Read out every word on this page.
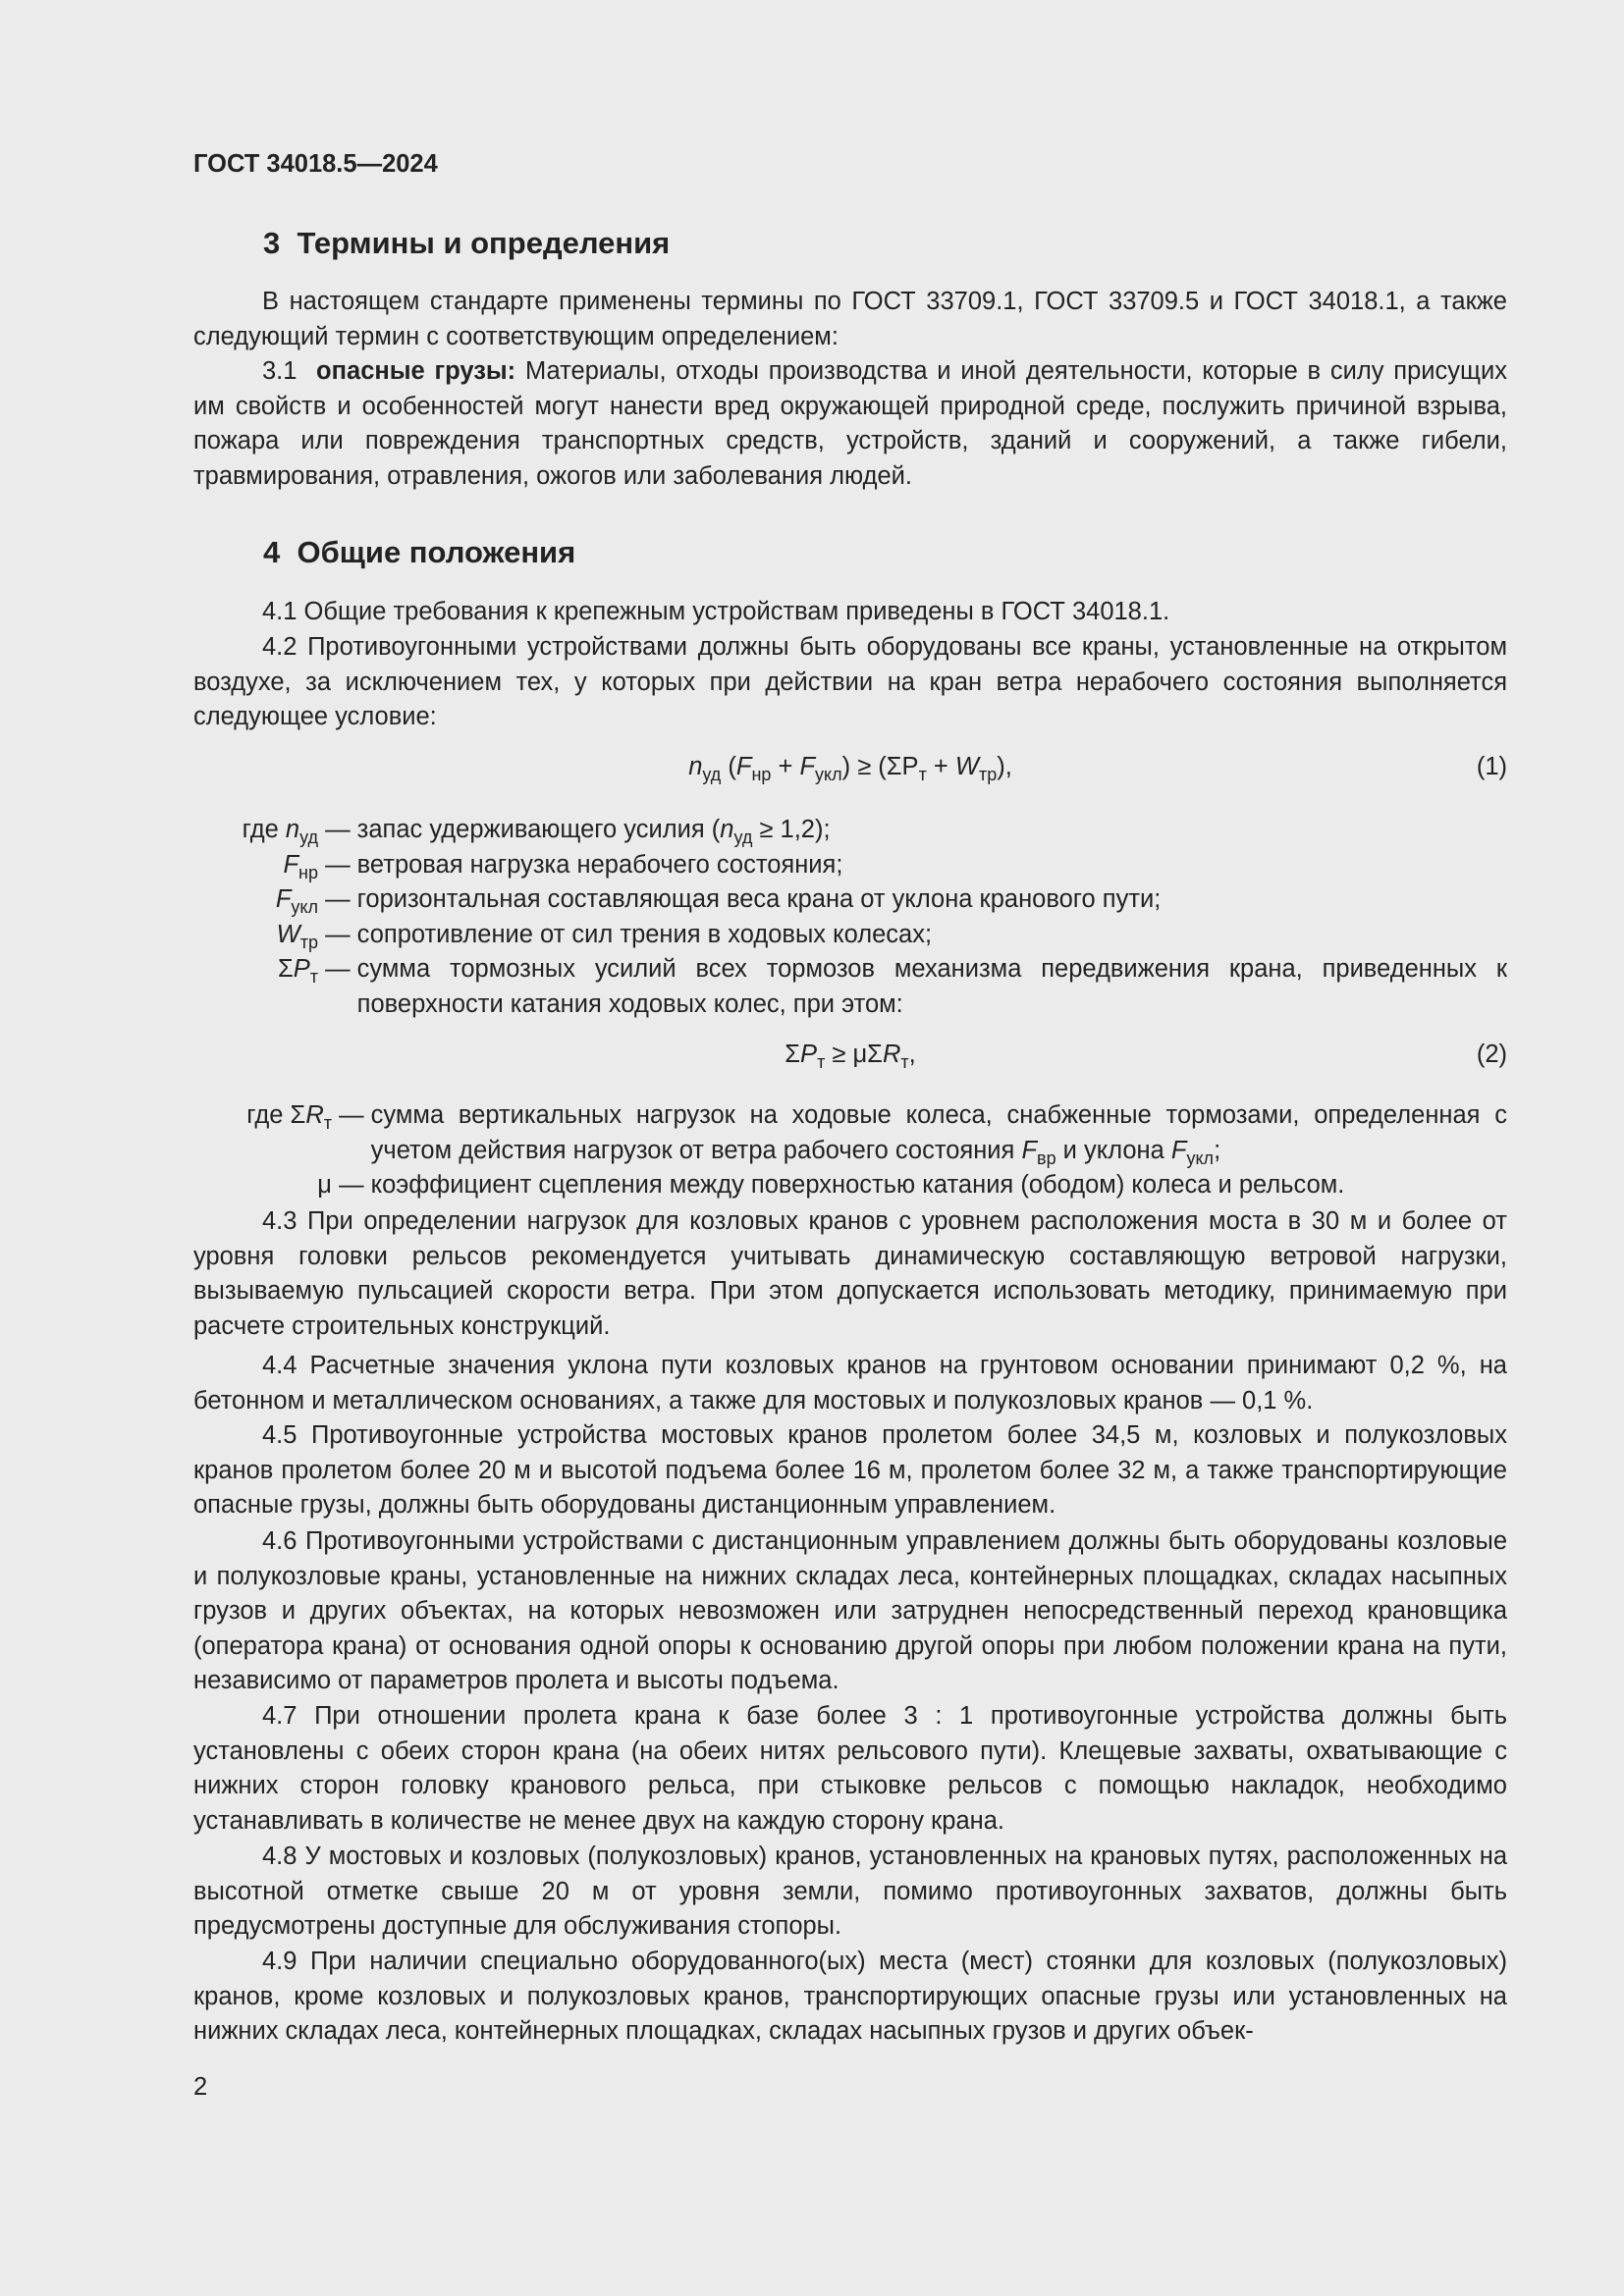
ГОСТ 34018.5—2024
3 Термины и определения
В настоящем стандарте применены термины по ГОСТ 33709.1, ГОСТ 33709.5 и ГОСТ 34018.1, а также следующий термин с соответствующим определением:
3.1 опасные грузы: Материалы, отходы производства и иной деятельности, которые в силу присущих им свойств и особенностей могут нанести вред окружающей природной среде, послужить причиной взрыва, пожара или повреждения транспортных средств, устройств, зданий и сооружений, а также гибели, травмирования, отравления, ожогов или заболевания людей.
4 Общие положения
4.1 Общие требования к крепежным устройствам приведены в ГОСТ 34018.1.
4.2 Противоугонными устройствами должны быть оборудованы все краны, установленные на открытом воздухе, за исключением тех, у которых при действии на кран ветра нерабочего состояния выполняется следующее условие:
$n_{уд}$ $(F_{нр} + F_{укл}) \ge (\Sigma P_т + W_{тр})$,	(1)
где $n_{уд}$ — запас удерживающего усилия $(n_{уд} \ge 1,2)$;
$F_{нр}$ — ветровая нагрузка нерабочего состояния;
$F_{укл}$ — горизонтальная составляющая веса крана от уклона кранового пути;
$W_{тр}$ — сопротивление от сил трения в ходовых колесах;
$\Sigma P_т$ — сумма тормозных усилий всех тормозов механизма передвижения крана, приведенных к поверхности катания ходовых колес, при этом:
$\Sigma P_т \ge \mu\Sigma R_т$,	(2)
где $\Sigma R_т$ — сумма вертикальных нагрузок на ходовые колеса, снабженные тормозами, определенная с учетом действия нагрузок от ветра рабочего состояния $F_{вр}$ и уклона $F_{укл}$;
μ — коэффициент сцепления между поверхностью катания (ободом) колеса и рельсом.
4.3 При определении нагрузок для козловых кранов с уровнем расположения моста в 30 м и более от уровня головки рельсов рекомендуется учитывать динамическую составляющую ветровой нагрузки, вызываемую пульсацией скорости ветра. При этом допускается использовать методику, принимаемую при расчете строительных конструкций.
4.4 Расчетные значения уклона пути козловых кранов на грунтовом основании принимают 0,2 %, на бетонном и металлическом основаниях, а также для мостовых и полукозловых кранов — 0,1 %.
4.5 Противоугонные устройства мостовых кранов пролетом более 34,5 м, козловых и полукозловых кранов пролетом более 20 м и высотой подъема более 16 м, пролетом более 32 м, а также транспортирующие опасные грузы, должны быть оборудованы дистанционным управлением.
4.6 Противоугонными устройствами с дистанционным управлением должны быть оборудованы козловые и полукозловые краны, установленные на нижних складах леса, контейнерных площадках, складах насыпных грузов и других объектах, на которых невозможен или затруднен непосредственный переход крановщика (оператора крана) от основания одной опоры к основанию другой опоры при любом положении крана на пути, независимо от параметров пролета и высоты подъема.
4.7 При отношении пролета крана к базе более 3 : 1 противоугонные устройства должны быть установлены с обеих сторон крана (на обеих нитях рельсового пути). Клещевые захваты, охватывающие с нижних сторон головку кранового рельса, при стыковке рельсов с помощью накладок, необходимо устанавливать в количестве не менее двух на каждую сторону крана.
4.8 У мостовых и козловых (полукозловых) кранов, установленных на крановых путях, расположенных на высотной отметке свыше 20 м от уровня земли, помимо противоугонных захватов, должны быть предусмотрены доступные для обслуживания стопоры.
4.9 При наличии специально оборудованного(ых) места (мест) стоянки для козловых (полукозловых) кранов, кроме козловых и полукозловых кранов, транспортирующих опасные грузы или установленных на нижних складах леса, контейнерных площадках, складах насыпных грузов и других объек-
2
